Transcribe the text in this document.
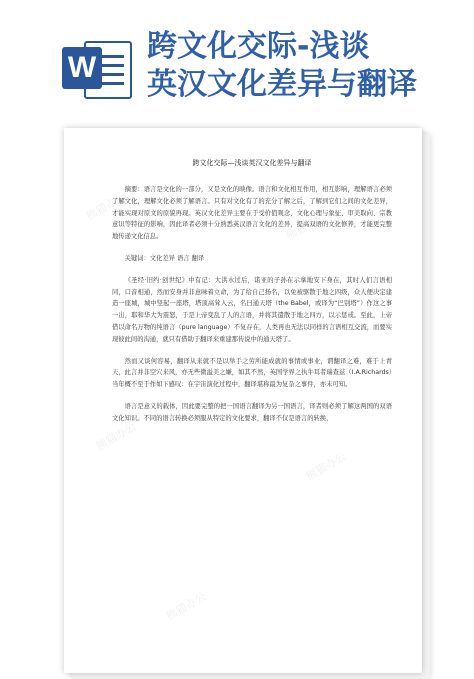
W
跨文化交际-浅谈
英汉文化差异与翻译
熊猫办公
熊猫办公
熊猫办公
熊猫办公
熊猫办公
跨文化交际—浅谈英汉文化差异与翻译

摘要：语言是文化的一部分，又是文化的映像。语言和文化相互作用，相互影响，理解语言必须了解文化，理解文化必须了解语言。只有对文化有了的充分了解之后，了解到它们之间的文化差异，才能实现对原文的原貌再现。英汉文化差异主要在于受价值观念、文化心理与象征、审美取向、宗教意识等特征的影响，因此译者必须十分熟悉英汉语言文化的差异，提高双语的文化修养，才能更完整地传递文化信息。

关键词：文化差异 语言 翻译

《圣经·旧约·创世纪》中有记：大洪水过后，诺亚的子孙在示拿地安下身在，其时人们言语相同，口音相通，然而安身并非意味着立命，为了给自己扬名，以免被驱散于地之四级，众人便决定建造一座城，城中竖起一座塔，塔顶高耸入云，名曰通天塔（the Babel，或译为“巴别塔”）作这之事一出，耶和华大为震怒，于是上帝变乱了人的言语，并将其遣散于地之四方，以示惩戒。至此，上帝借以命名万物的纯语言（pure language）不复存在，人类再也无法以同样的言语相互交流，而要实现彼此间的沟通，就只有借助于翻译来重建那传说中的通天塔了。

然而又谈何容易，翻译从来就不是以举手之劳所能成就的事情或事业，谓翻译之难，难于上青天，此言并非空穴来风，亦无些微溢美之嫌，如其不然，英国学界之执牛耳者瑞查兹（I.A.Richards）当年概不至于作如下感叹：在宇宙演化过程中，翻译堪称最为复杂之事件，亦未可知。

语言是意义的载体，因此要完整的把一国语言翻译为另一国语言，译者则必须了解这两国的双语文化知识。不同的语言转换必须服从特定的文化要求，翻译不仅是语言的转换，
